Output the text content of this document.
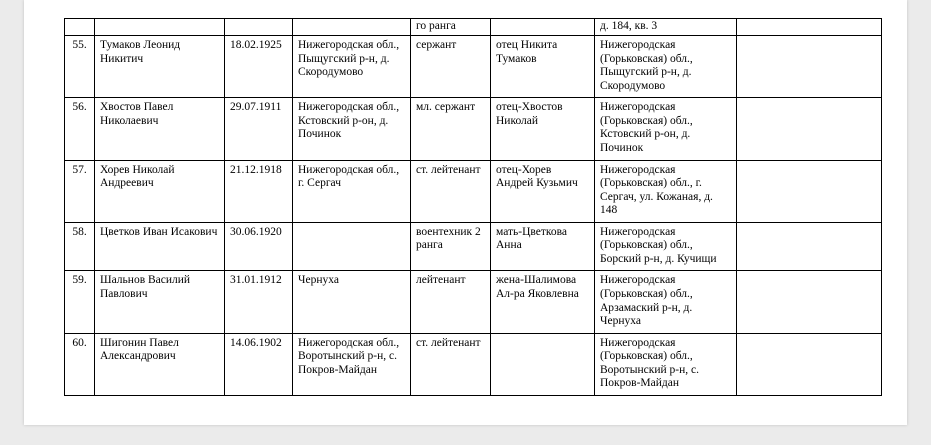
				го ранга		д. 184, кв. 3	
55.	Тумаков Леонид Никитич	18.02.1925	Нижегородская обл., Пыщугский р-н, д. Скородумово	сержант	отец Никита Тумаков	Нижегородская (Горьковская) обл., Пыщугский р-н, д. Скородумово	
56.	Хвостов Павел Николаевич	29.07.1911	Нижегородская обл., Кстовский р-он, д. Починок	мл. сержант	отец-Хвостов Николай	Нижегородская (Горьковская) обл., Кстовский р-он, д. Починок	
57.	Хорев Николай Андреевич	21.12.1918	Нижегородская обл., г. Сергач	ст. лейтенант	отец-Хорев Андрей Кузьмич	Нижегородская (Горьковская) обл., г. Сергач, ул. Кожаная, д. 148	
58.	Цветков Иван Исакович	30.06.1920		воентехник 2 ранга	мать-Цветкова Анна	Нижегородская (Горьковская) обл., Борский р-н, д. Кучищи	
59.	Шальнов Василий Павлович	31.01.1912	Чернуха	лейтенант	жена-Шалимова Ал-ра Яковлевна	Нижегородская (Горьковская) обл., Арзамаский р-н, д. Чернуха	
60.	Шигонин Павел Александрович	14.06.1902	Нижегородская обл., Воротынский р-н, с. Покров-Майдан	ст. лейтенант		Нижегородская (Горьковская) обл., Воротынский р-н, с. Покров-Майдан	
